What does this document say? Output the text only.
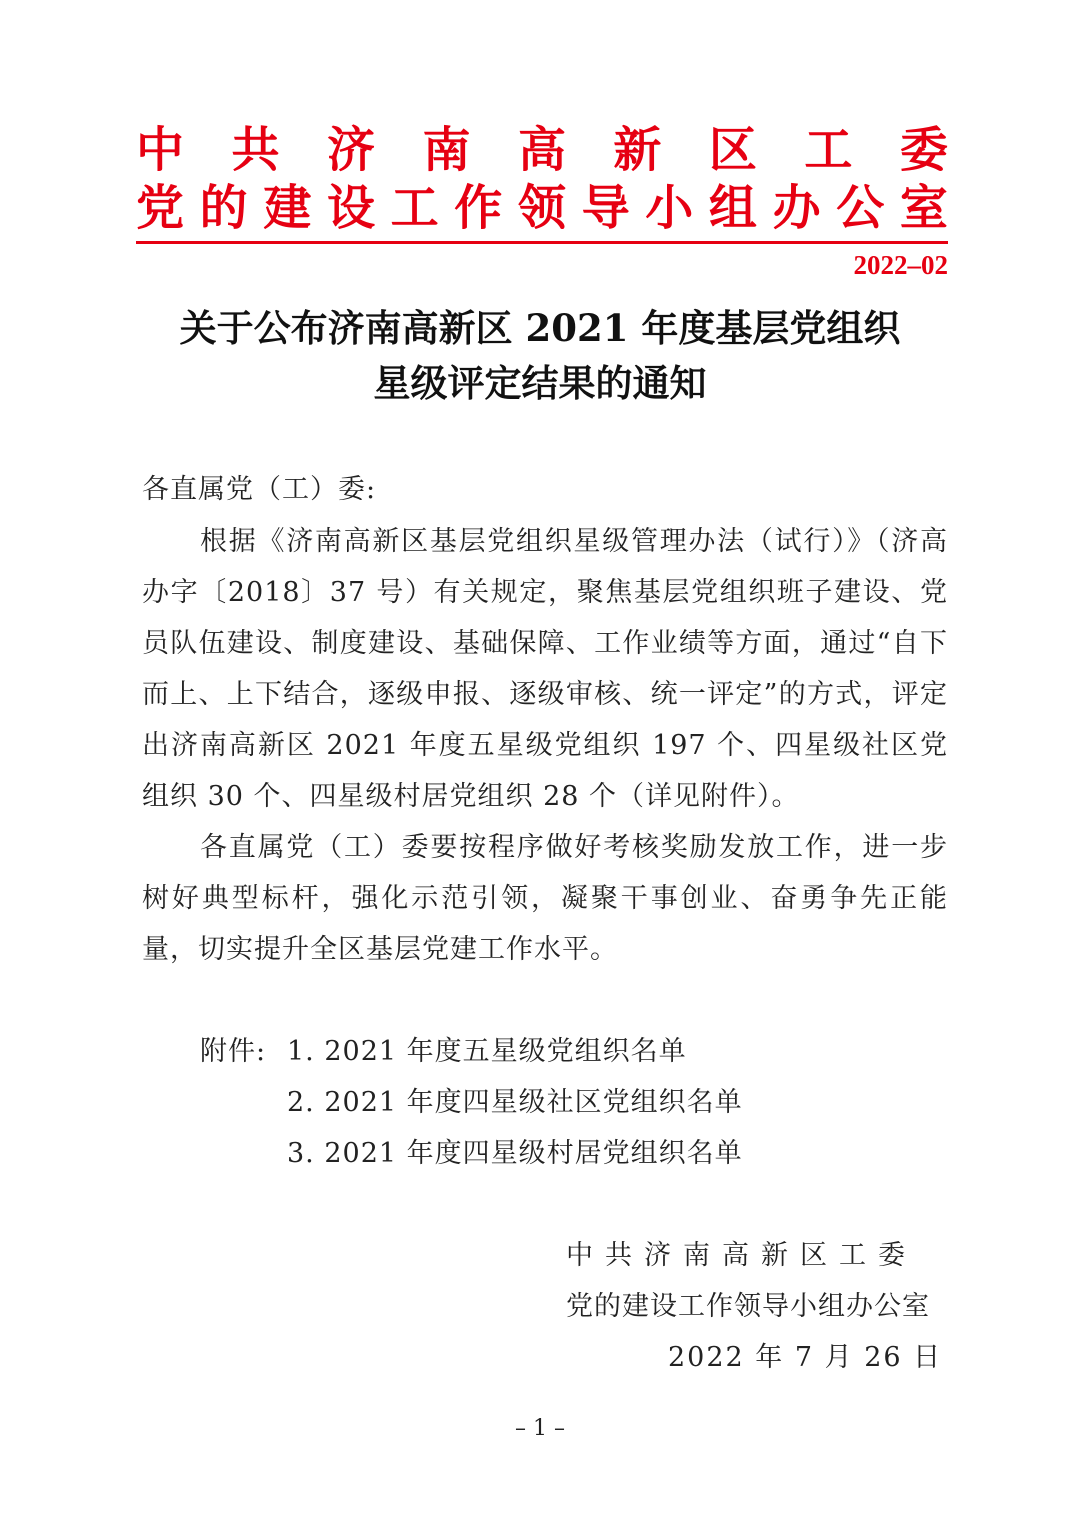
中 共 济 南 高 新 区 工 委
党 的 建 设 工 作 领 导 小 组 办 公 室
2022–02
关于公布济南高新区 2021 年度基层党组织
星级评定结果的通知
各直属党（工）委:

根据《济南高新区基层党组织星级管理办法（试行）》（济高办字〔2018〕37 号）有关规定，聚焦基层党组织班子建设、党员队伍建设、制度建设、基础保障、工作业绩等方面，通过“自下而上、上下结合，逐级申报、逐级审核、统一评定”的方式，评定出济南高新区 2021 年度五星级党组织 197 个、四星级社区党组织 30 个、四星级村居党组织 28 个（详见附件）。

各直属党（工）委要按程序做好考核奖励发放工作，进一步树好典型标杆，强化示范引领，凝聚干事创业、奋勇争先正能量，切实提升全区基层党建工作水平。

附件: 1. 2021 年度五星级党组织名单
2. 2021 年度四星级社区党组织名单
3. 2021 年度四星级村居党组织名单
中共济南高新区工委
党的建设工作领导小组办公室
2022 年 7 月 26 日
– 1 –
